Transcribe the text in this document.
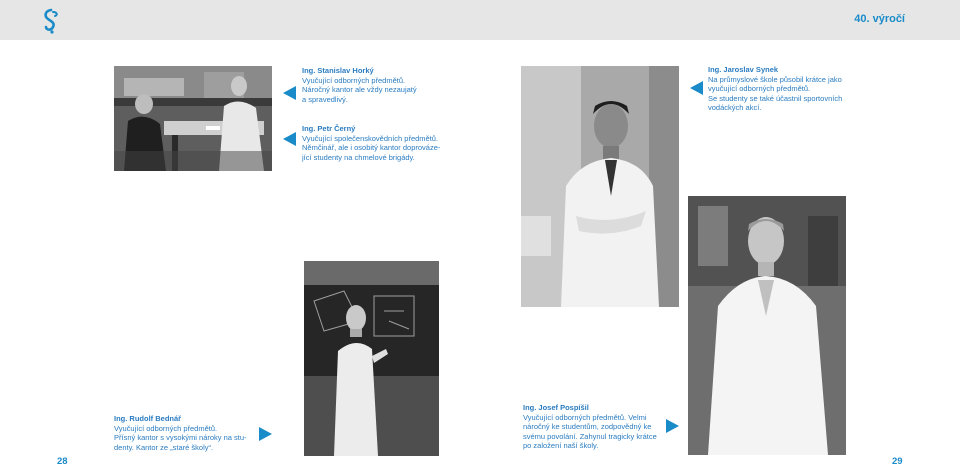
40. výročí
Ing. Stanislav Horký
Vyučující odborných předmětů.
Náročný kantor ale vždy nezaujatý
a spravedlivý.
Ing. Petr Černý
Vyučující společenskovědních předmětů.
Němčinář, ale i osobitý kantor doprováze-
jící studenty na chmelové brigády.
Ing. Jaroslav Synek
Na průmyslové škole působil krátce jako
vyučující odborných předmětů.
Se studenty se také účastnil sportovních
vodáckých akcí.
Ing. Josef Pospíšil
Vyučující odborných předmětů. Velmi
náročný ke studentům, zodpovědný ke
svému povolání. Zahynul tragicky krátce
po založení naší školy.
Ing. Rudolf Bednář
Vyučující odborných předmětů.
Přísný kantor s vysokými nároky na stu-
denty. Kantor ze „staré školy“.
28	29
